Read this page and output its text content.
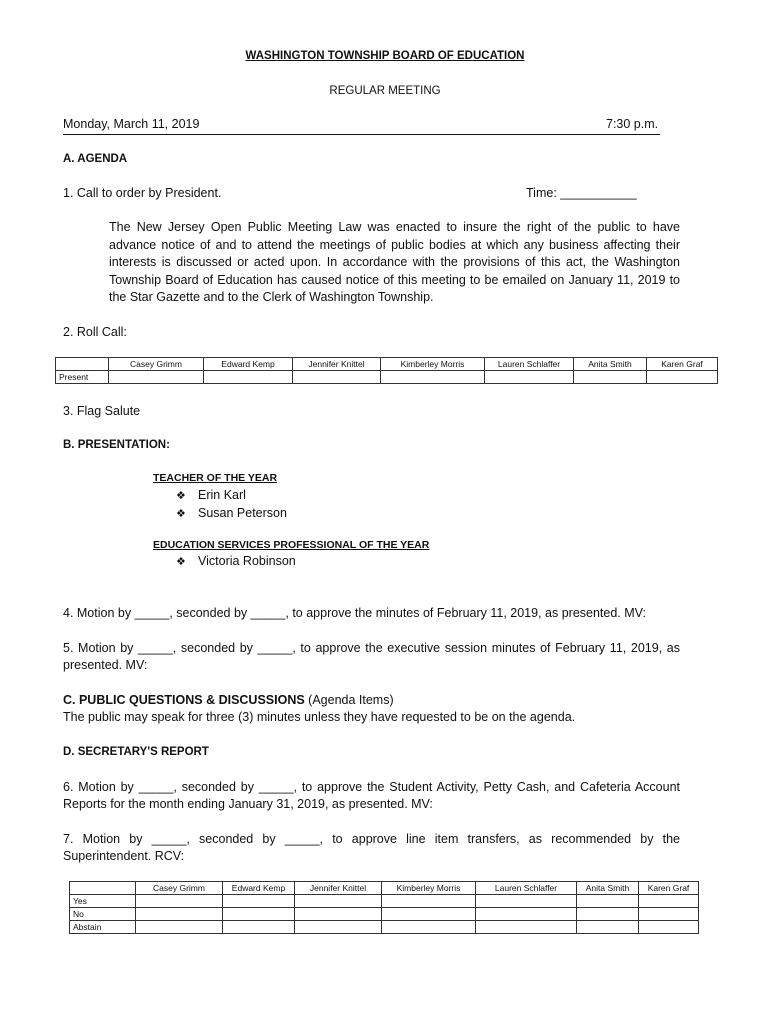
WASHINGTON TOWNSHIP BOARD OF EDUCATION
REGULAR MEETING
Monday, March 11, 2019	7:30 p.m.
A. AGENDA
1. Call to order by President.	Time: ___________
The New Jersey Open Public Meeting Law was enacted to insure the right of the public to have advance notice of and to attend the meetings of public bodies at which any business affecting their interests is discussed or acted upon. In accordance with the provisions of this act, the Washington Township Board of Education has caused notice of this meeting to be emailed on January 11, 2019 to the Star Gazette and to the Clerk of Washington Township.
2. Roll Call:
	Casey Grimm	Edward Kemp	Jennifer Knittel	Kimberley Morris	Lauren Schlaffer	Anita Smith	Karen Graf
Present							
3. Flag Salute
B. PRESENTATION:
TEACHER OF THE YEAR
❖ Erin Karl
❖ Susan Peterson
EDUCATION SERVICES PROFESSIONAL OF THE YEAR
❖ Victoria Robinson
4. Motion by _____, seconded by _____, to approve the minutes of February 11, 2019, as presented. MV:
5. Motion by _____, seconded by _____, to approve the executive session minutes of February 11, 2019, as presented. MV:
C. PUBLIC QUESTIONS & DISCUSSIONS (Agenda Items)
The public may speak for three (3) minutes unless they have requested to be on the agenda.
D. SECRETARY'S REPORT
6. Motion by _____, seconded by _____, to approve the Student Activity, Petty Cash, and Cafeteria Account Reports for the month ending January 31, 2019, as presented. MV:
7. Motion by _____, seconded by _____, to approve line item transfers, as recommended by the Superintendent. RCV:
	Casey Grimm	Edward Kemp	Jennifer Knittel	Kimberley Morris	Lauren Schlaffer	Anita Smith	Karen Graf
Yes							
No							
Abstain							
